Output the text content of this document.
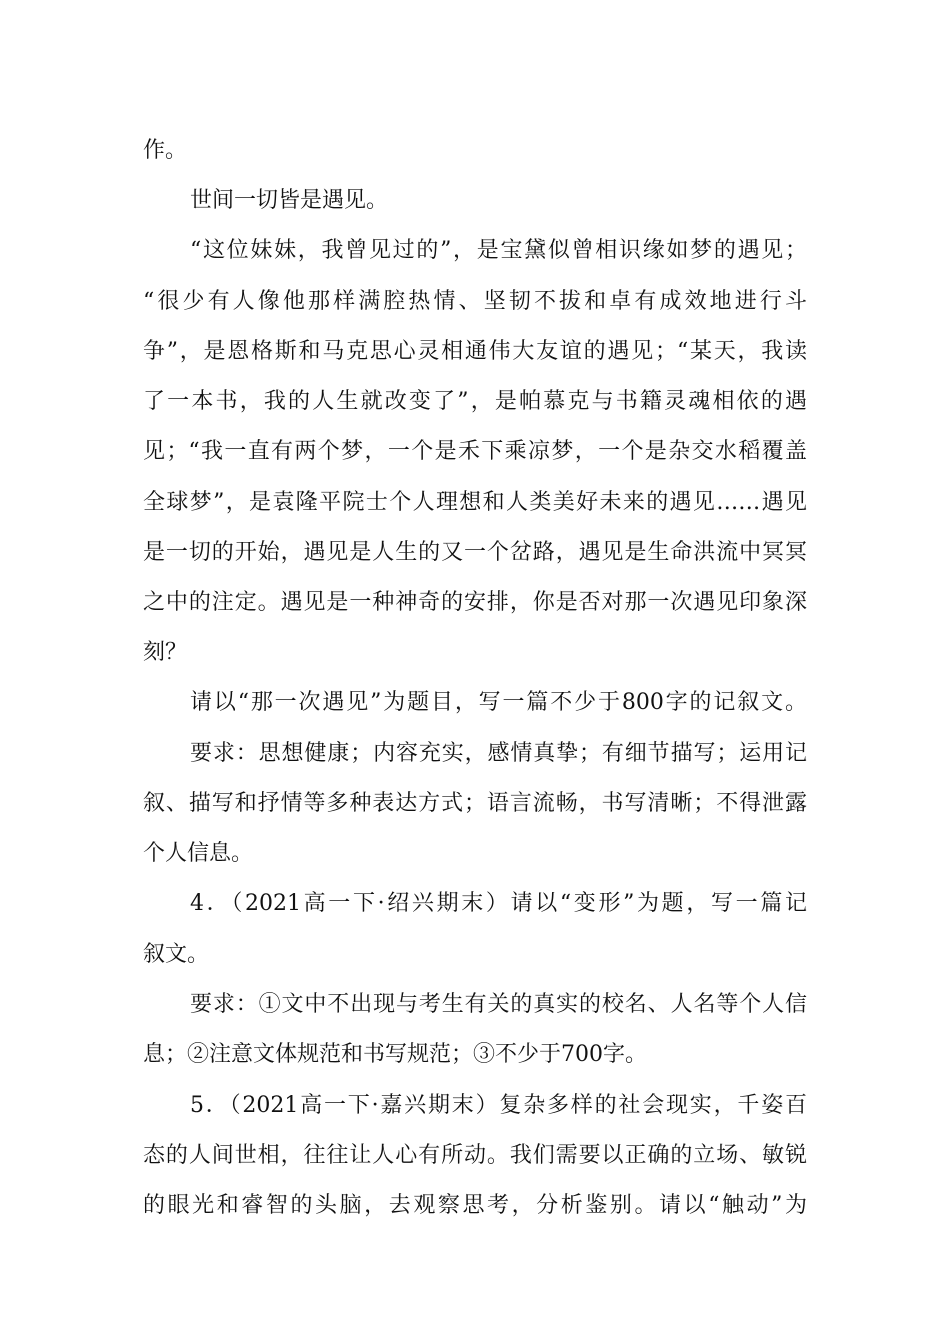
作。
世间一切皆是遇见。
“这位妹妹，我曾见过的”，是宝黛似曾相识缘如梦的遇见；
“很少有人像他那样满腔热情、坚韧不拔和卓有成效地进行斗
争”，是恩格斯和马克思心灵相通伟大友谊的遇见；“某天，我读
了一本书，我的人生就改变了”，是帕慕克与书籍灵魂相依的遇
见；“我一直有两个梦，一个是禾下乘凉梦，一个是杂交水稻覆盖
全球梦”，是袁隆平院士个人理想和人类美好未来的遇见……遇见
是一切的开始，遇见是人生的又一个岔路，遇见是生命洪流中冥冥
之中的注定。遇见是一种神奇的安排，你是否对那一次遇见印象深
刻？
请以“那一次遇见”为题目，写一篇不少于800字的记叙文。
要求：思想健康；内容充实，感情真挚；有细节描写；运用记
叙、描写和抒情等多种表达方式；语言流畅，书写清晰；不得泄露
个人信息。
4．（2021高一下·绍兴期末）请以“变形”为题，写一篇记
叙文。
要求：①文中不出现与考生有关的真实的校名、人名等个人信
息；②注意文体规范和书写规范；③不少于700字。
5．（2021高一下·嘉兴期末）复杂多样的社会现实，千姿百
态的人间世相，往往让人心有所动。我们需要以正确的立场、敏锐
的眼光和睿智的头脑，去观察思考，分析鉴别。请以“触动”为
